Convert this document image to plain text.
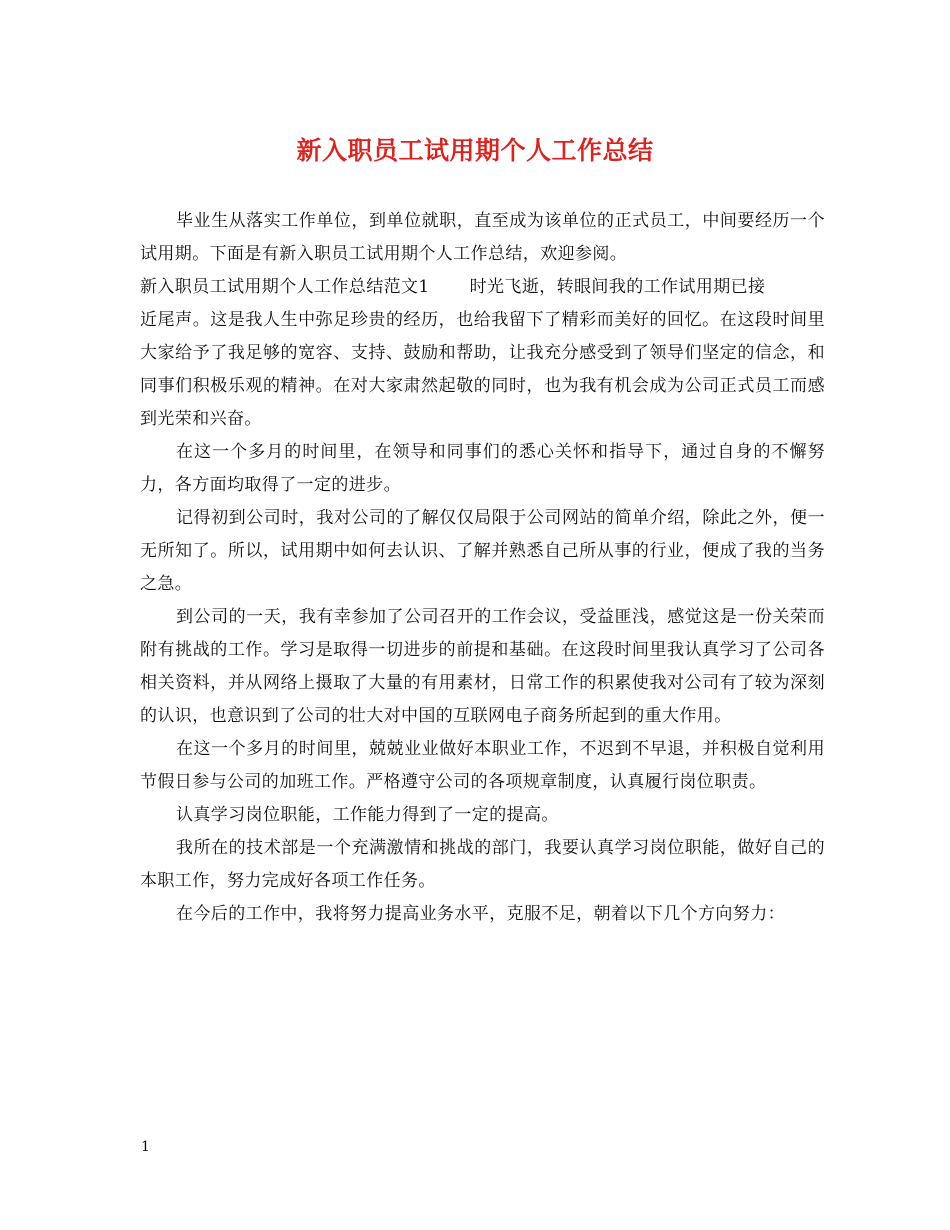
新入职员工试用期个人工作总结

毕业生从落实工作单位，到单位就职，直至成为该单位的正式员工，中间要经历一个试用期。下面是有新入职员工试用期个人工作总结，欢迎参阅。

新入职员工试用期个人工作总结范文1 时光飞逝，转眼间我的工作试用期已接

近尾声。这是我人生中弥足珍贵的经历，也给我留下了精彩而美好的回忆。在这段时间里大家给予了我足够的宽容、支持、鼓励和帮助，让我充分感受到了领导们坚定的信念，和同事们积极乐观的精神。在对大家肃然起敬的同时，也为我有机会成为公司正式员工而感到光荣和兴奋。

在这一个多月的时间里，在领导和同事们的悉心关怀和指导下，通过自身的不懈努力，各方面均取得了一定的进步。

记得初到公司时，我对公司的了解仅仅局限于公司网站的简单介绍，除此之外，便一无所知了。所以，试用期中如何去认识、了解并熟悉自己所从事的行业，便成了我的当务之急。

到公司的一天，我有幸参加了公司召开的工作会议，受益匪浅，感觉这是一份关荣而附有挑战的工作。学习是取得一切进步的前提和基础。在这段时间里我认真学习了公司各相关资料，并从网络上摄取了大量的有用素材，日常工作的积累使我对公司有了较为深刻的认识，也意识到了公司的壮大对中国的互联网电子商务所起到的重大作用。

在这一个多月的时间里，兢兢业业做好本职业工作，不迟到不早退，并积极自觉利用节假日参与公司的加班工作。严格遵守公司的各项规章制度，认真履行岗位职责。

认真学习岗位职能，工作能力得到了一定的提高。

我所在的技术部是一个充满激情和挑战的部门，我要认真学习岗位职能，做好自己的本职工作，努力完成好各项工作任务。

在今后的工作中，我将努力提高业务水平，克服不足，朝着以下几个方向努力：

1
